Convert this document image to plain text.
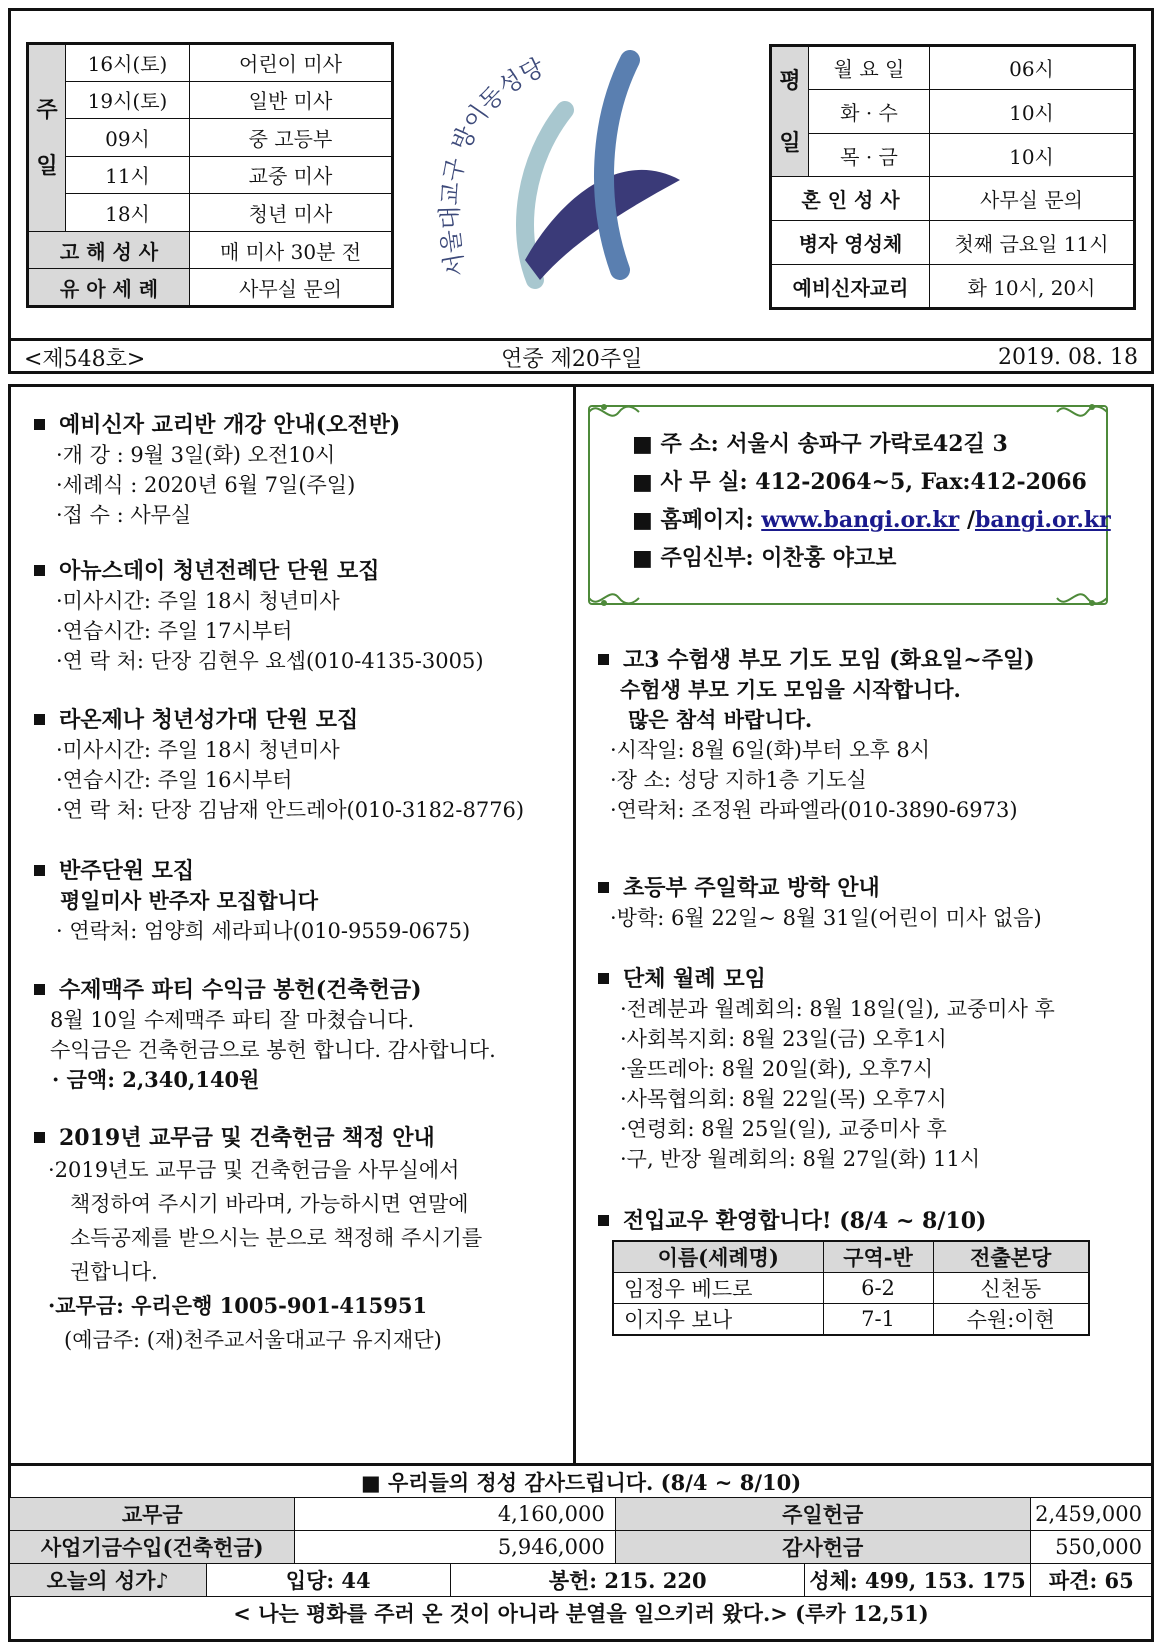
주
일	16시(토)	어린이 미사
	19시(토)	일반 미사
	09시	중 고등부
	11시	교중 미사
	18시	청년 미사
고 해 성 사		매 미사 30분 전
유 아 세 례		사무실 문의
서울대교구 방이동성당	평
일	월 요 일	06시
	화 · 수	10시
	목 · 금	10시
혼 인 성 사		사무실 문의
병자 영성체		첫째 금요일 11시
예비신자교리		화 10시, 20시
<제548호>	연중 제20주일	2019. 08. 18
예비신자 교리반 개강 안내(오전반)
·개 강 : 9월 3일(화) 오전10시
·세례식 : 2020년 6월 7일(주일)
·접 수 : 사무실
아뉴스데이 청년전례단 단원 모집
·미사시간: 주일 18시 청년미사
·연습시간: 주일 17시부터
·연 락 처: 단장 김현우 요셉(010-4135-3005)
라온제나 청년성가대 단원 모집
·미사시간: 주일 18시 청년미사
·연습시간: 주일 16시부터
·연 락 처: 단장 김남재 안드레아(010-3182-8776)
반주단원 모집
평일미사 반주자 모집합니다
· 연락처: 엄양희 세라피나(010-9559-0675)
수제맥주 파티 수익금 봉헌(건축헌금)
8월 10일 수제맥주 파티 잘 마쳤습니다.
수익금은 건축헌금으로 봉헌 합니다. 감사합니다.
· 금액: 2,340,140원
2019년 교무금 및 건축헌금 책정 안내
·2019년도 교무금 및 건축헌금을 사무실에서
책정하여 주시기 바라며, 가능하시면 연말에
소득공제를 받으시는 분으로 책정해 주시기를
권합니다.
·교무금: 우리은행 1005-901-415951
(예금주: (재)천주교서울대교구 유지재단)
■ 주 소: 서울시 송파구 가락로42길 3
■ 사 무 실: 412-2064~5, Fax:412-2066
■ 홈페이지: www.bangi.or.kr /bangi.or.kr
■ 주임신부: 이찬홍 야고보
고3 수험생 부모 기도 모임 (화요일~주일)
수험생 부모 기도 모임을 시작합니다.
많은 참석 바랍니다.
·시작일: 8월 6일(화)부터 오후 8시
·장 소: 성당 지하1층 기도실
·연락처: 조정원 라파엘라(010-3890-6973)
초등부 주일학교 방학 안내
·방학: 6월 22일~ 8월 31일(어린이 미사 없음)
단체 월례 모임
·전례분과 월례회의: 8월 18일(일), 교중미사 후
·사회복지회: 8월 23일(금) 오후1시
·울뜨레아: 8월 20일(화), 오후7시
·사목협의회: 8월 22일(목) 오후7시
·연령회: 8월 25일(일), 교중미사 후
·구, 반장 월례회의: 8월 27일(화) 11시
전입교우 환영합니다! (8/4 ~ 8/10)
이름(세례명)	구역-반	전출본당
임정우 베드로	6-2	신천동
이지우 보나	7-1	수원:이현
■ 우리들의 정성 감사드립니다. (8/4 ~ 8/10)						
교무금		4,160,000		주일헌금		2,459,000
사업기금수입(건축헌금)		5,946,000		감사헌금		550,000
오늘의 성가♪	입당: 44		봉헌: 215. 220		성체: 499, 153. 175	파견: 65
< 나는 평화를 주러 온 것이 아니라 분열을 일으키러 왔다.> (루카 12,51)						
